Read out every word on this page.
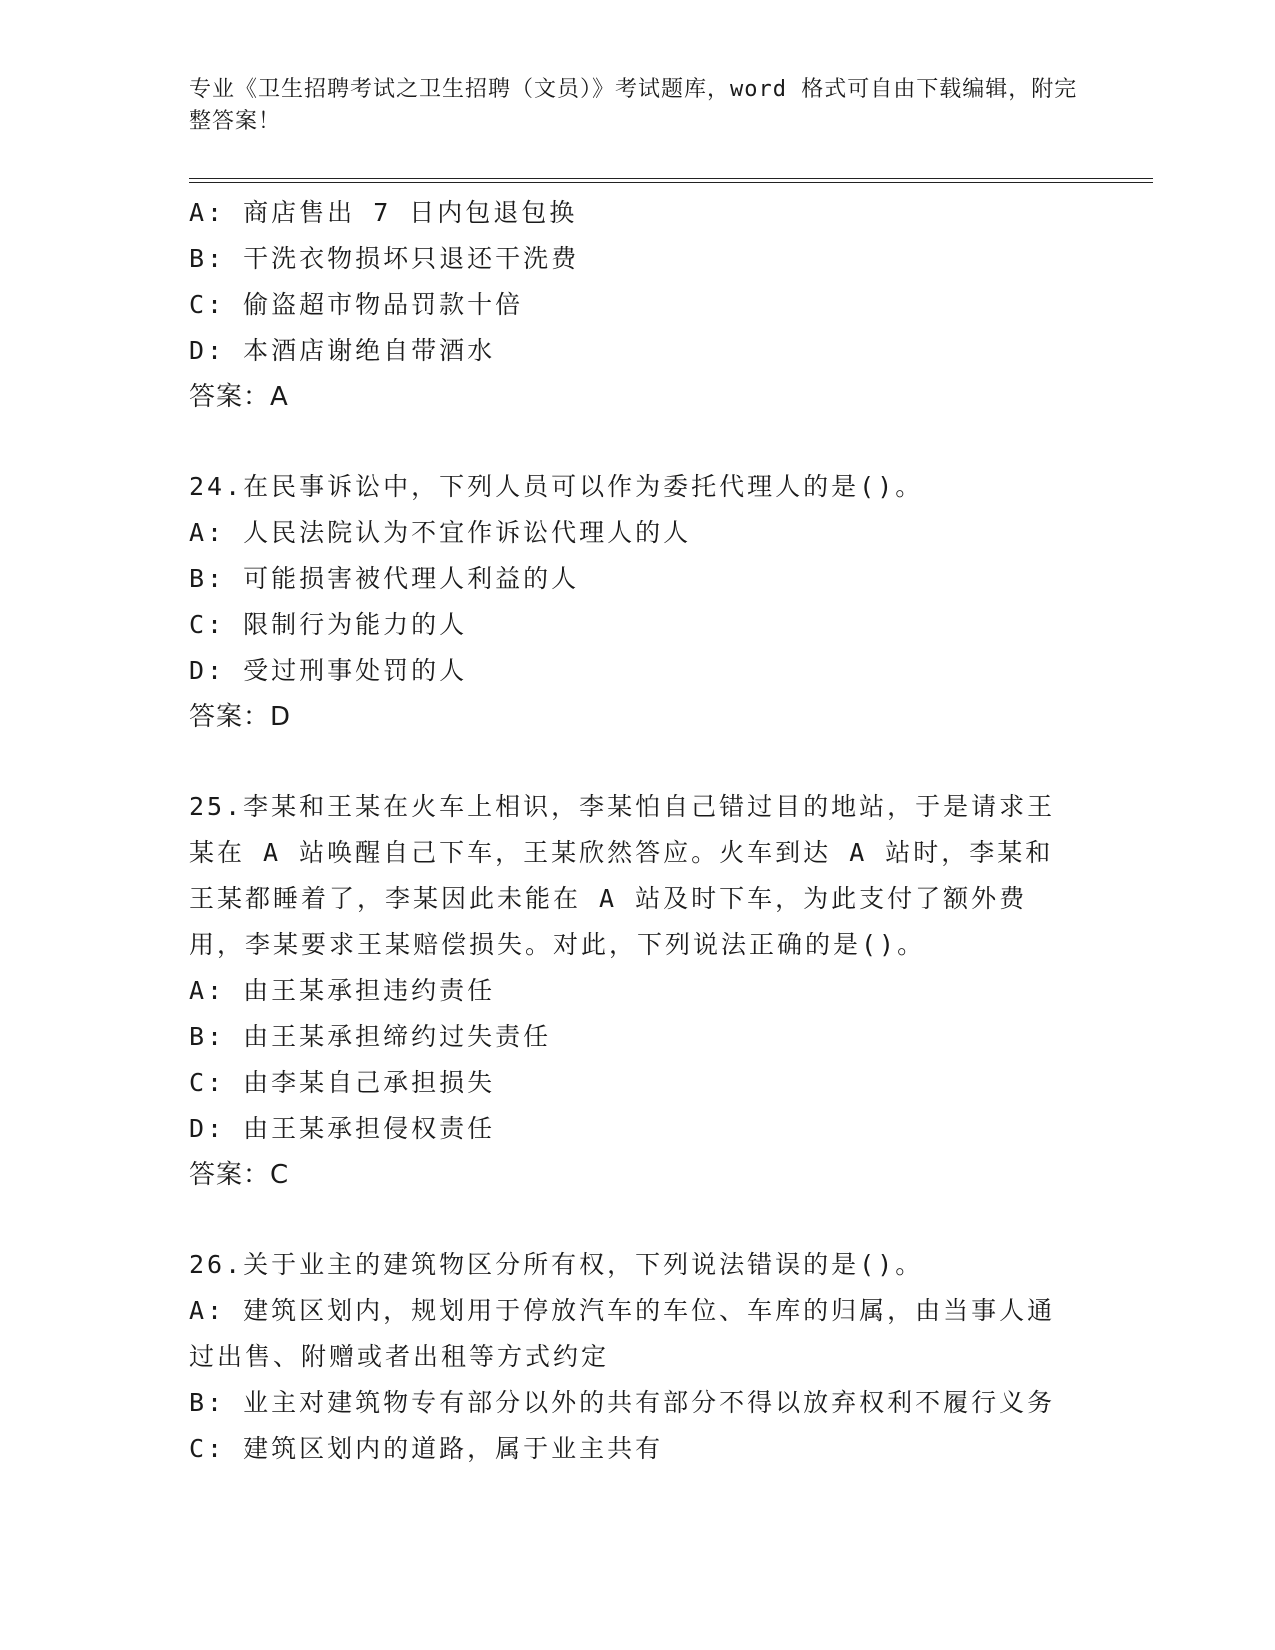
专业《卫生招聘考试之卫生招聘（文员）》考试题库，word 格式可自由下载编辑，附完整答案！
A: 商店售出 7 日内包退包换
B: 干洗衣物损坏只退还干洗费
C: 偷盗超市物品罚款十倍
D: 本酒店谢绝自带酒水
答案：A
24.在民事诉讼中，下列人员可以作为委托代理人的是()。
A: 人民法院认为不宜作诉讼代理人的人
B: 可能损害被代理人利益的人
C: 限制行为能力的人
D: 受过刑事处罚的人
答案：D
25.李某和王某在火车上相识，李某怕自己错过目的地站，于是请求王某在 A 站唤醒自己下车，王某欣然答应。火车到达 A 站时，李某和王某都睡着了，李某因此未能在 A 站及时下车，为此支付了额外费用，李某要求王某赔偿损失。对此，下列说法正确的是()。
A: 由王某承担违约责任
B: 由王某承担缔约过失责任
C: 由李某自己承担损失
D: 由王某承担侵权责任
答案：C
26.关于业主的建筑物区分所有权，下列说法错误的是()。
A: 建筑区划内，规划用于停放汽车的车位、车库的归属，由当事人通过出售、附赠或者出租等方式约定
B: 业主对建筑物专有部分以外的共有部分不得以放弃权利不履行义务
C: 建筑区划内的道路，属于业主共有
